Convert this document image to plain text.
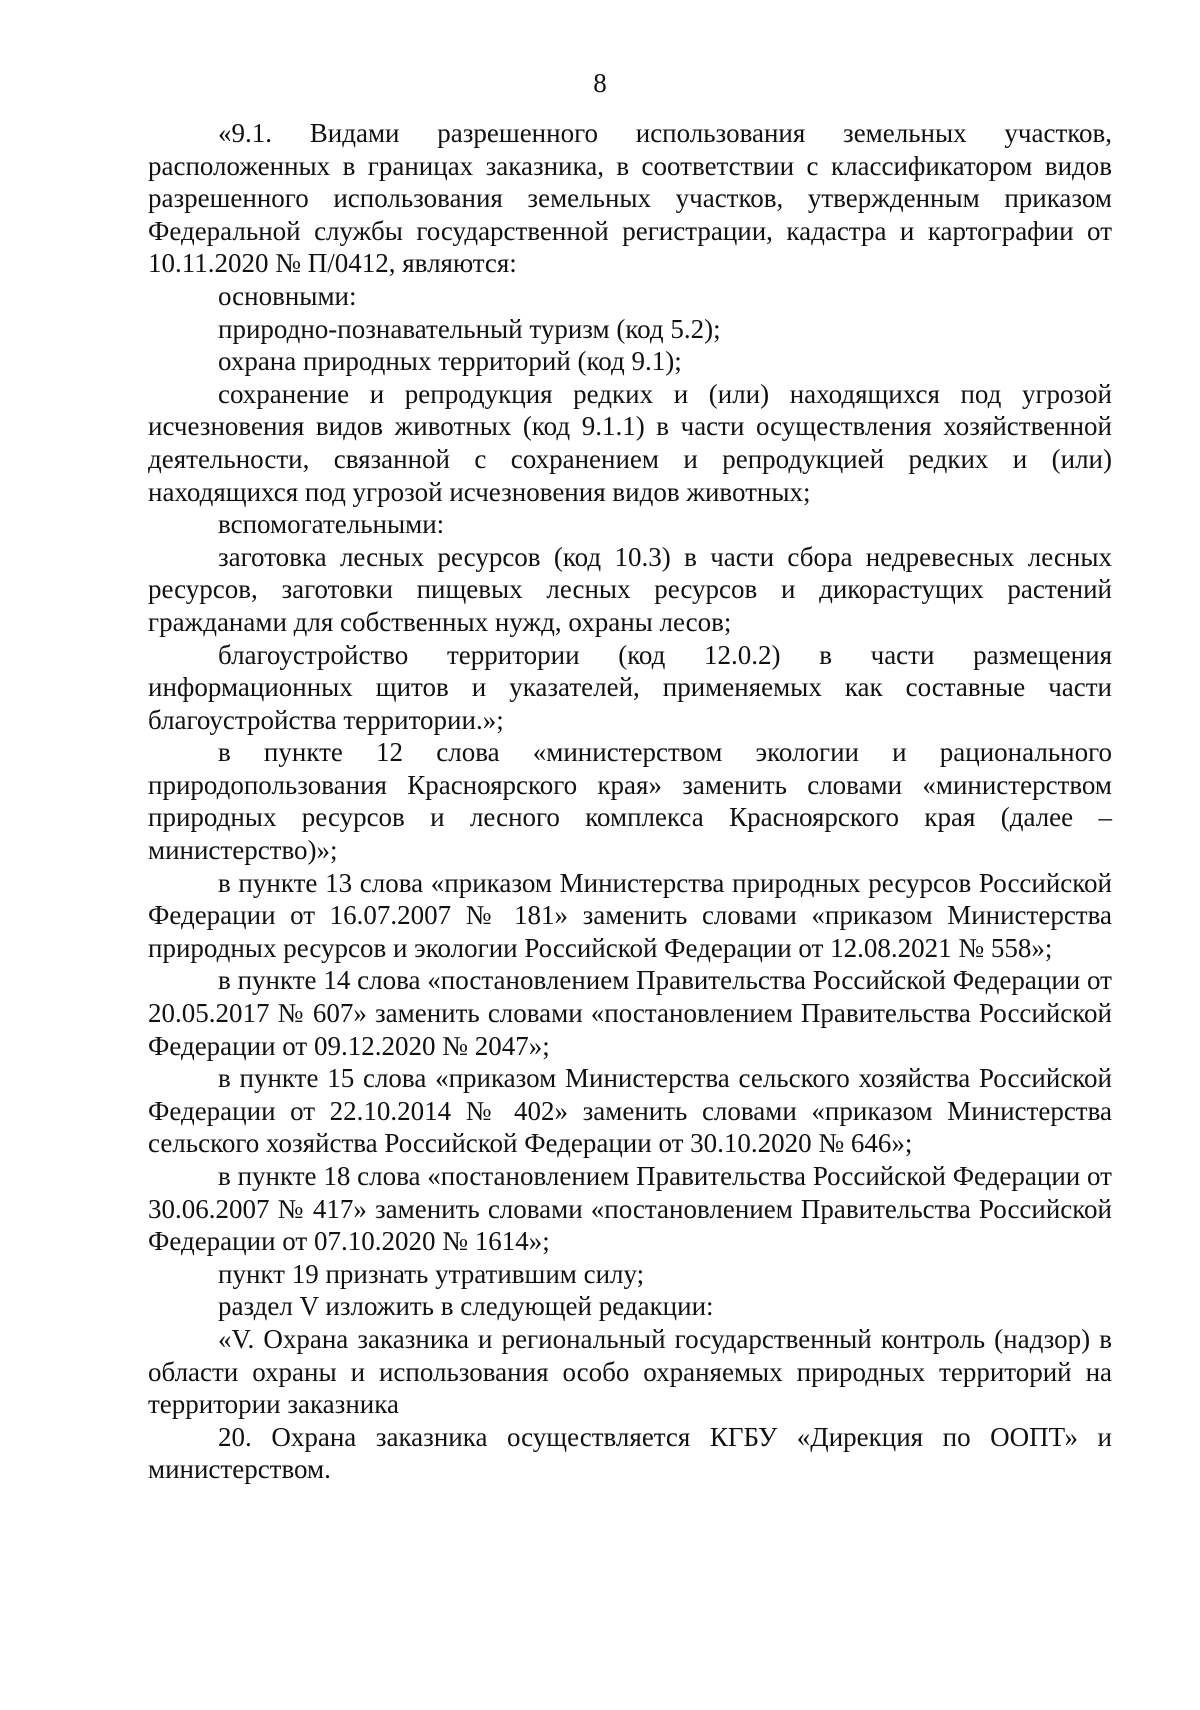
8

«9.1. Видами разрешенного использования земельных участков, расположенных в границах заказника, в соответствии с классификатором видов разрешенного использования земельных участков, утвержденным приказом Федеральной службы государственной регистрации, кадастра и картографии от 10.11.2020 № П/0412, являются:

основными:

природно-познавательный туризм (код 5.2);

охрана природных территорий (код 9.1);

сохранение и репродукция редких и (или) находящихся под угрозой исчезновения видов животных (код 9.1.1) в части осуществления хозяйственной деятельности, связанной с сохранением и репродукцией редких и (или) находящихся под угрозой исчезновения видов животных;

вспомогательными:

заготовка лесных ресурсов (код 10.3) в части сбора недревесных лесных ресурсов, заготовки пищевых лесных ресурсов и дикорастущих растений гражданами для собственных нужд, охраны лесов;

благоустройство территории (код 12.0.2) в части размещения информационных щитов и указателей, применяемых как составные части благоустройства территории.»;

в пункте 12 слова «министерством экологии и рационального природопользования Красноярского края» заменить словами «министерством природных ресурсов и лесного комплекса Красноярского края (далее – министерство)»;

в пункте 13 слова «приказом Министерства природных ресурсов Российской Федерации от 16.07.2007 № 181» заменить словами «приказом Министерства природных ресурсов и экологии Российской Федерации от 12.08.2021 № 558»;

в пункте 14 слова «постановлением Правительства Российской Федерации от 20.05.2017 № 607» заменить словами «постановлением Правительства Российской Федерации от 09.12.2020 № 2047»;

в пункте 15 слова «приказом Министерства сельского хозяйства Российской Федерации от 22.10.2014 № 402» заменить словами «приказом Министерства сельского хозяйства Российской Федерации от 30.10.2020 № 646»;

в пункте 18 слова «постановлением Правительства Российской Федерации от 30.06.2007 № 417» заменить словами «постановлением Правительства Российской Федерации от 07.10.2020 № 1614»;

пункт 19 признать утратившим силу;

раздел V изложить в следующей редакции:

«V. Охрана заказника и региональный государственный контроль (надзор) в области охраны и использования особо охраняемых природных территорий на территории заказника

20. Охрана заказника осуществляется КГБУ «Дирекция по ООПТ» и министерством.
